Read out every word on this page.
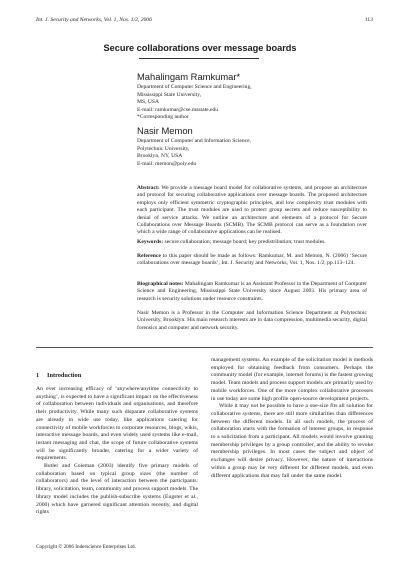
Int. J. Security and Networks, Vol. 1, Nos. 1/2, 2006	113
Secure collaborations over message boards
Mahalingam Ramkumar*
Department of Computer Science and Engineering,
Mississippi State University,
MS, USA
E-mail: ramkumar@cse.msstate.edu
*Corresponding author
Nasir Memon
Department of Computer and Information Science,
Polytechnic University,
Brooklyn, NY, USA
E-mail: memon@poly.edu
Abstract: We provide a message board model for collaborative systems, and propose an architecture and protocol for securing collaborative applications over message boards. The proposed architecture employs only efficient symmetric cryptographic principles, and low complexity trust modules with each participant. The trust modules are used to protect group secrets and reduce susceptibility to denial of service attacks. We outline an architecture and elements of a protocol for Secure Collaborations over Message Boards (SCMB). The SCMB protocol can serve as a foundation over which a wide range of collaborative applications can be realised.
Keywords: secure collaboration; message board; key predistribution; trust modules.
Reference to this paper should be made as follows: Ramkumar, M. and Memon, N. (2006) ‘Secure collaborations over message boards’, Int. J. Security and Networks, Vol. 1, Nos. 1/2, pp.113–124.
Biographical notes: Mahalingam Ramkumar is an Assistant Professor in the Department of Computer Science and Engineering, Mississippi State University since August 2003. His primary area of research is security solutions under resource constraints.
Nasir Memon is a Professor in the Computer and Information Science Department at Polytechnic University, Brooklyn. His main research interests are in data compression, multimedia security, digital forensics and computer and network security.
1 Introduction

An ever increasing efficacy of ‘anywhere/anytime connectivity to anything’, is expected to have a significant impact on the effectiveness of collaboration between individuals and organisations, and therefore their productivity. While many such disparate collaborative systems are already in wide use today, like applications catering for connectivity of mobile workforces to corporate resources, blogs, wikis, interactive message boards, and even widely used systems like e-mail, instant messaging and chat, the scope of future collaborative systems will be significantly broader, catering for a wider variety of requirements.

Butler and Coleman (2003) identify five primary models of collaboration based on typical group sizes (the number of collaborators) and the level of interaction between the participants: library, solicitation, team, community and process support models. The library model includes the publish-subscribe systems (Eugster et al., 2000) which have garnered significant attention recently, and digital rights

management systems. An example of the solicitation model is methods employed for obtaining feedback from consumers. Perhaps the community model (for example, internet forums) is the fastest growing model. Team models and process support models are primarily used by mobile workforces. One of the more complex collaborative processes in use today are some high profile open-source development projects.

While it may not be possible to have a one-size fits all solution for collaborative systems, there are still more similarities than differences between the different models. In all such models, the process of collaboration starts with the formation of interest groups, in response to a solicitation from a participant. All models would involve granting membership privileges by a group controller, and the ability to revoke membership privileges. In most cases the subject and object of exchanges will desire privacy. However, the nature of interactions within a group may be very different for different models, and even different applications that may fall under the same model.

Copyright © 2006 Inderscience Enterprises Ltd.
